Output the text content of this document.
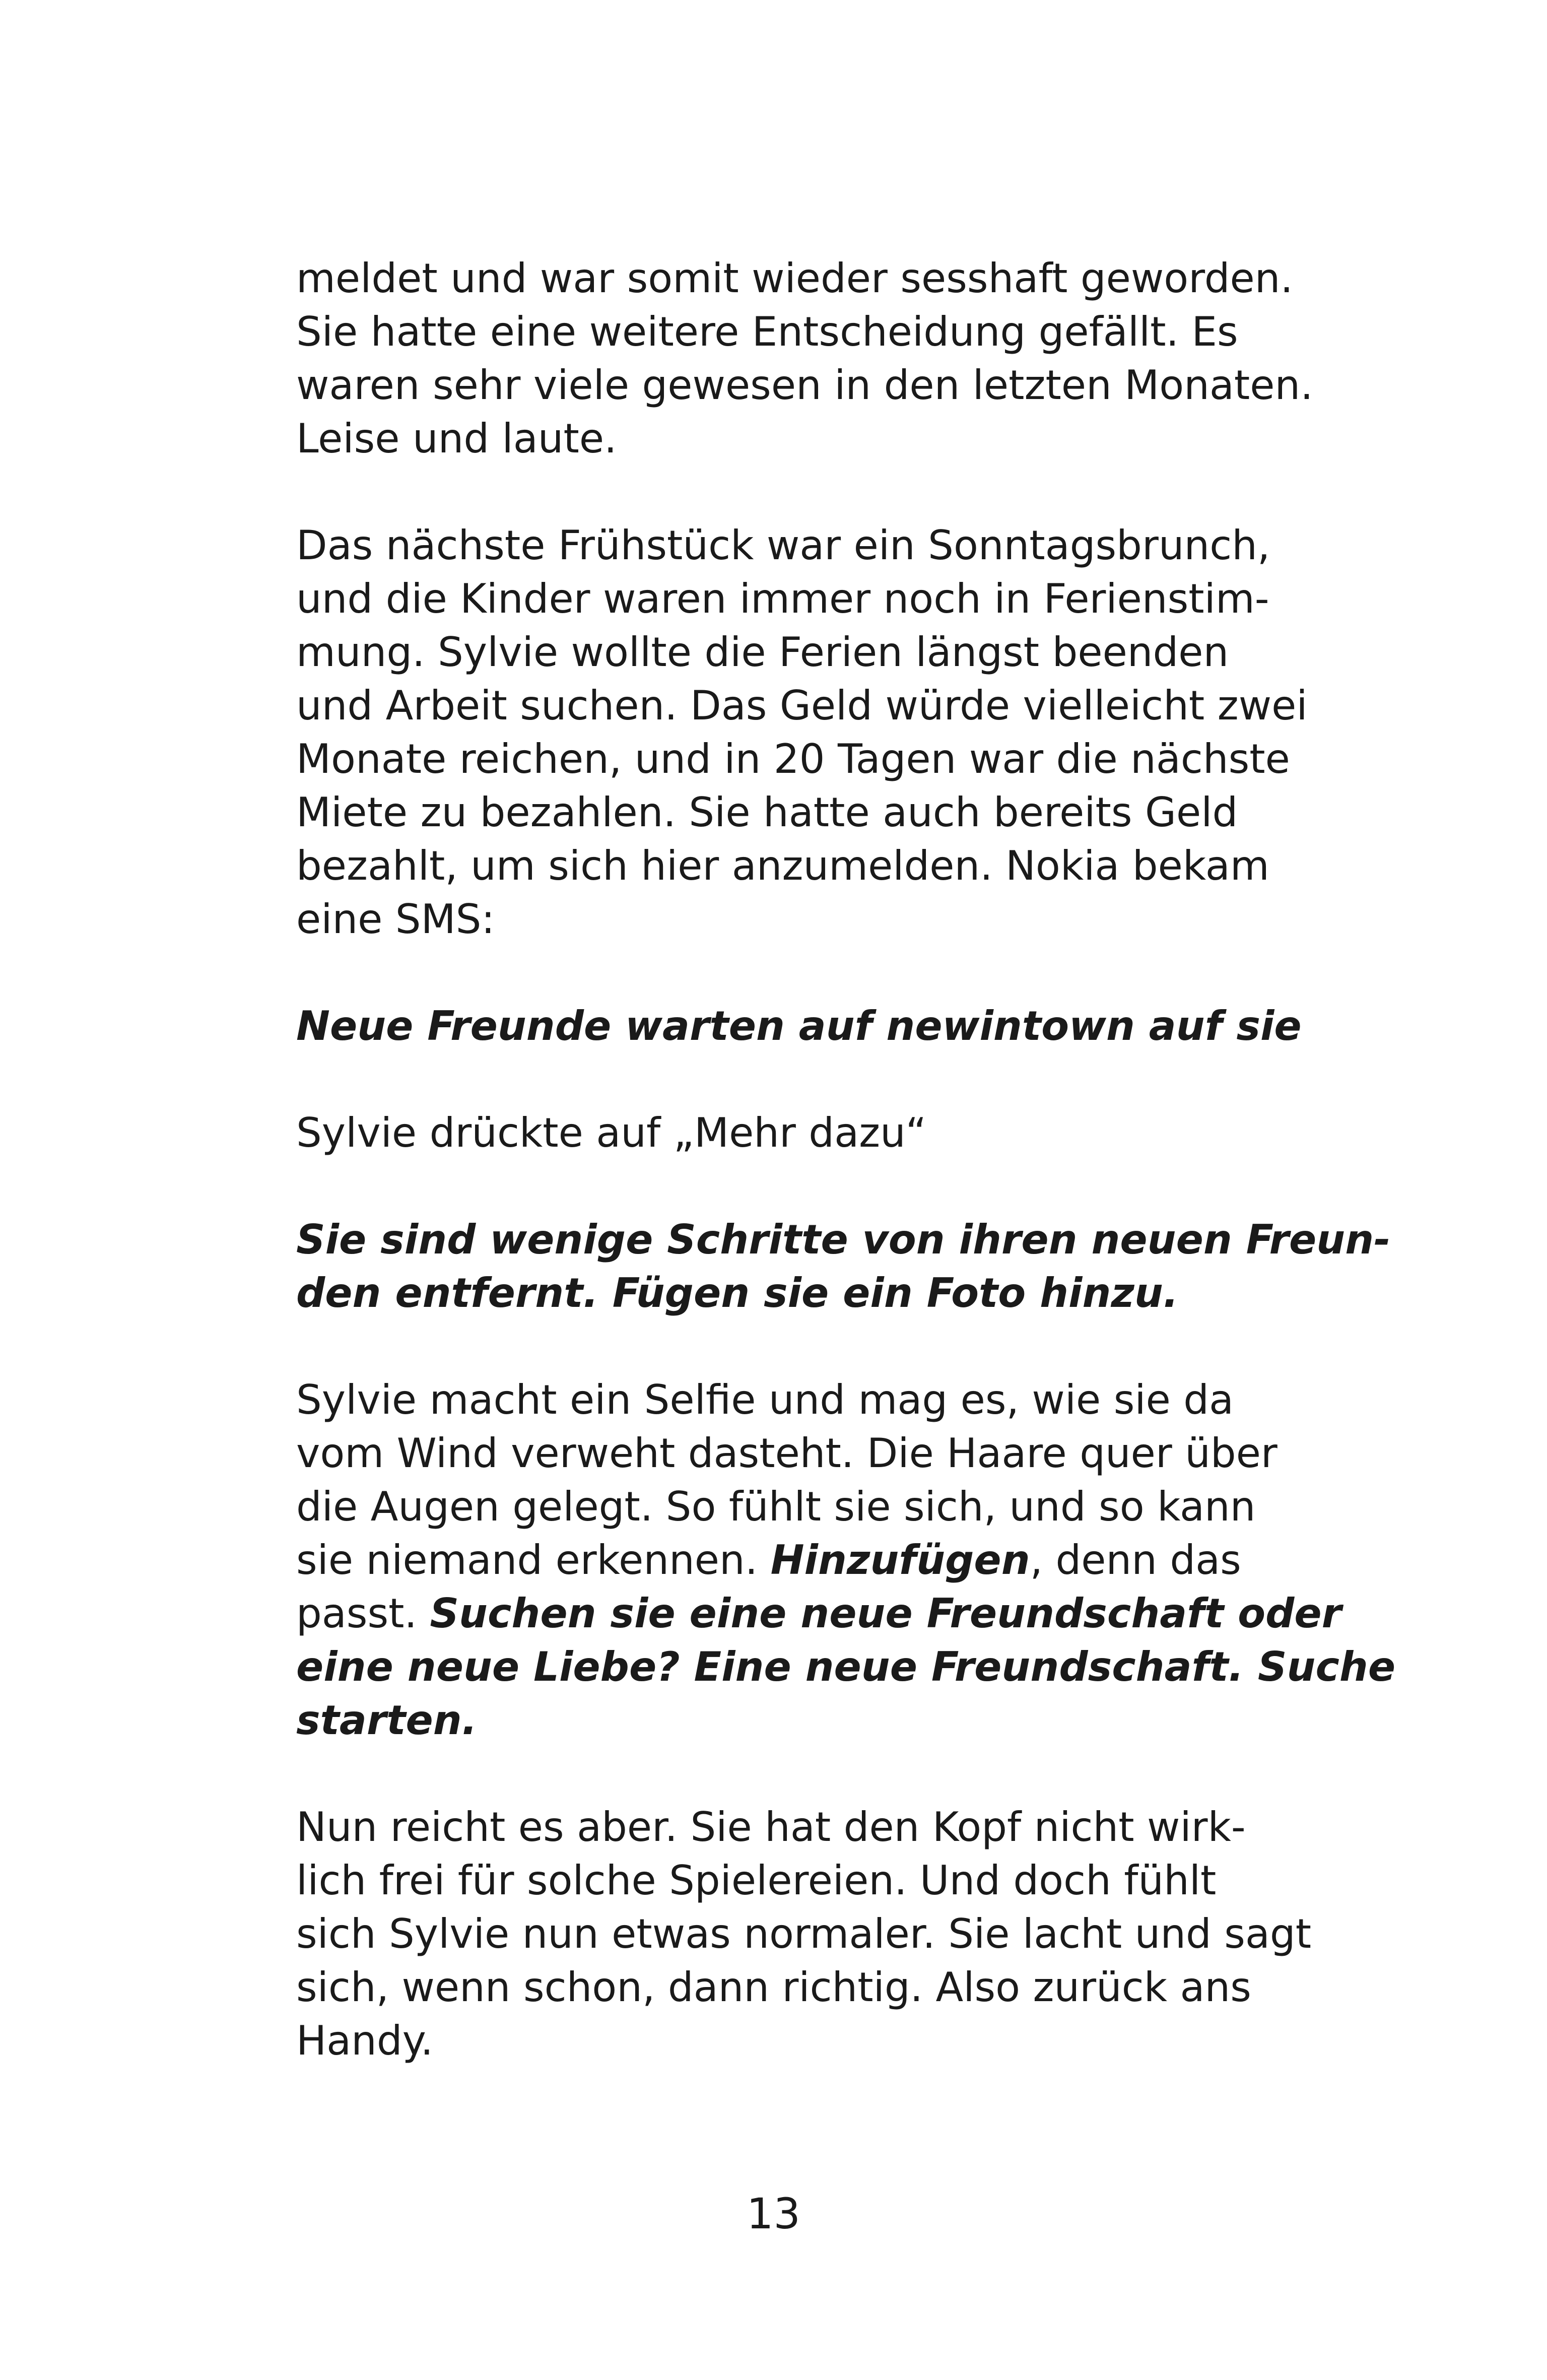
meldet und war somit wieder sesshaft geworden.
Sie hatte eine weitere Entscheidung gefällt. Es
waren sehr viele gewesen in den letzten Monaten.
Leise und laute.
Das nächste Frühstück war ein Sonntagsbrunch,
und die Kinder waren immer noch in Ferienstim-
mung. Sylvie wollte die Ferien längst beenden
und Arbeit suchen. Das Geld würde vielleicht zwei
Monate reichen, und in 20 Tagen war die nächste
Miete zu bezahlen. Sie hatte auch bereits Geld
bezahlt, um sich hier anzumelden. Nokia bekam
eine SMS:
Neue Freunde warten auf newintown auf sie
Sylvie drückte auf „Mehr dazu“
Sie sind wenige Schritte von ihren neuen Freun-
den entfernt. Fügen sie ein Foto hinzu.
Sylvie macht ein Selfie und mag es, wie sie da
vom Wind verweht dasteht. Die Haare quer über
die Augen gelegt. So fühlt sie sich, und so kann
sie niemand erkennen. Hinzufügen, denn das
passt. Suchen sie eine neue Freundschaft oder
eine neue Liebe? Eine neue Freundschaft. Suche
starten.
Nun reicht es aber. Sie hat den Kopf nicht wirk-
lich frei für solche Spielereien. Und doch fühlt
sich Sylvie nun etwas normaler. Sie lacht und sagt
sich, wenn schon, dann richtig. Also zurück ans
Handy.
13
